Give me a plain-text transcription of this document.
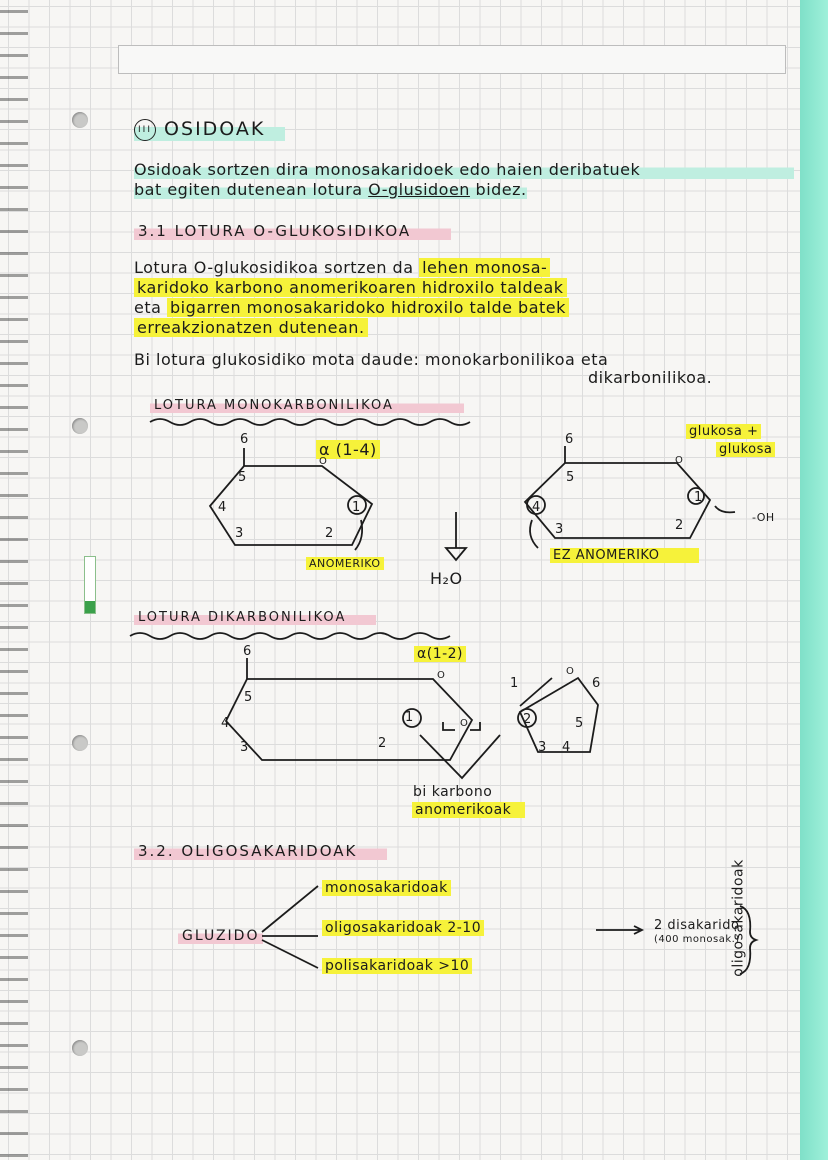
III OSIDOAK
Osidoak sortzen dira monosakaridoek edo haien deribatuek
bat egiten dutenean lotura O-glusidoen bidez.
3.1 LOTURA O-GLUKOSIDIKOA
Lotura O-glukosidikoa sortzen da lehen monosa-
karidoko karbono anomerikoaren hidroxilo taldeak
eta bigarren monosakaridoko hidroxilo talde batek
erreakzionatzen dutenean.
Bi lotura glukosidiko mota daude: monokarbonilikoa eta
dikarbonilikoa.
LOTURA MONOKARBONILIKOA
α (1-4)
glukosa +
glukosa
ANOMERIKO
EZ ANOMERIKO
H₂O
-OH
6
5
4
3	2
1
O
6
5
4
3	2
1
O
LOTURA DIKARBONILIKOA
α(1-2)
6
5
4
3	2
1
O
O
1
O
6
2	5
3 4
bi karbono
anomerikoak
3.2. OLIGOSAKARIDOAK
GLUZIDO
monosakaridoak
oligosakaridoak 2-10
polisakaridoak >10
2 disakarido
(400 monosak.)
oligosakaridoak
